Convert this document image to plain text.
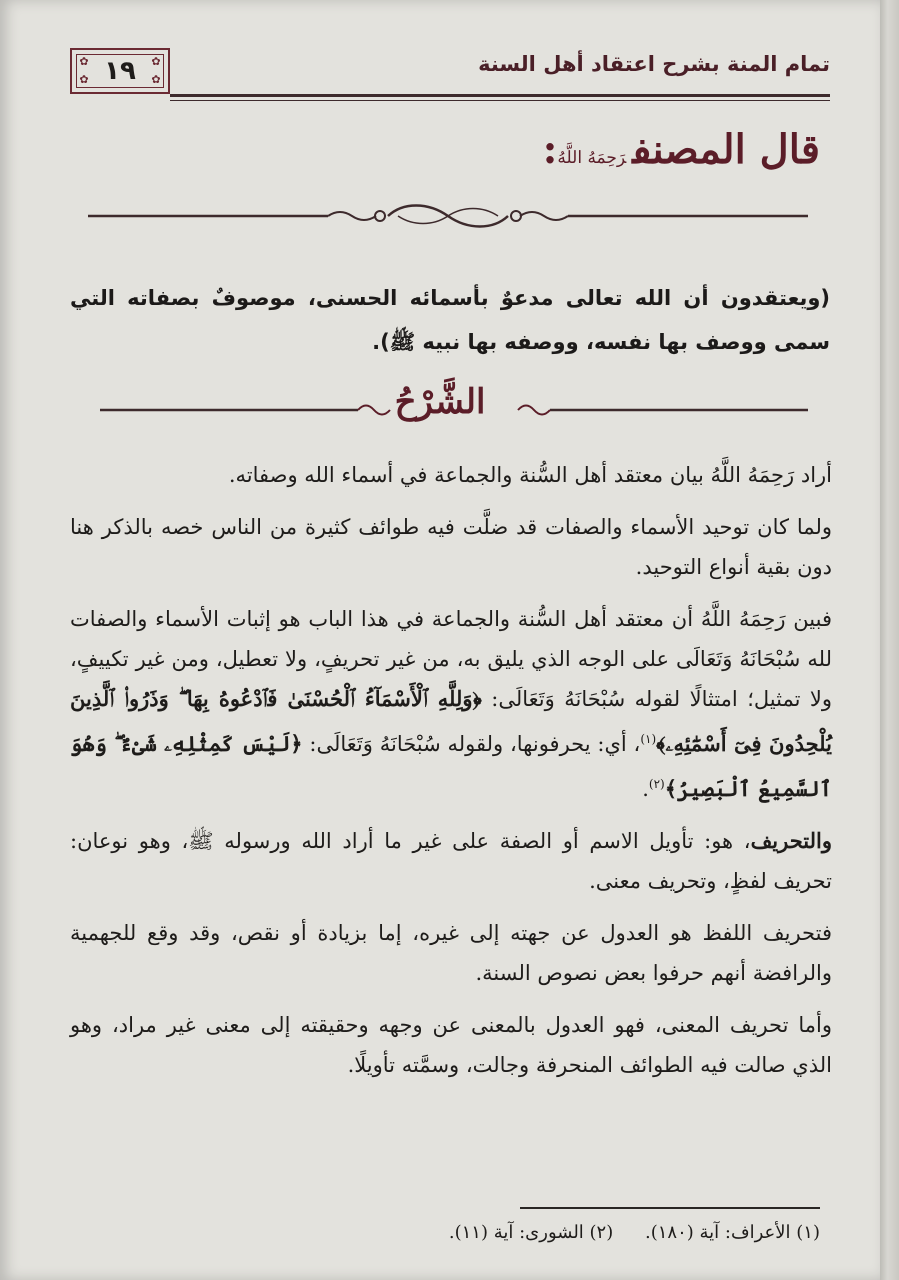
✿	✿
✿	✿
١٩	تمام المنة بشرح اعتقاد أهل السنة
قال المصنفرَحِمَهُ اللَّهُ:
(ويعتقدون أن الله تعالى مدعوٌ بأسمائه الحسنى، موصوفٌ بصفاته التي سمى ووصف بها نفسه، ووصفه بها نبيه ﷺ).
الشَّرْحُ

أراد رَحِمَهُ اللَّهُ بيان معتقد أهل السُّنة والجماعة في أسماء الله وصفاته.

ولما كان توحيد الأسماء والصفات قد ضلَّت فيه طوائف كثيرة من الناس خصه بالذكر هنا دون بقية أنواع التوحيد.

فبين رَحِمَهُ اللَّهُ أن معتقد أهل السُّنة والجماعة في هذا الباب هو إثبات الأسماء والصفات لله سُبْحَانَهُ وَتَعَالَى على الوجه الذي يليق به، من غير تحريفٍ، ولا تعطيل، ومن غير تكييفٍ، ولا تمثيل؛ امتثالًا لقوله سُبْحَانَهُ وَتَعَالَى: ﴿وَلِلَّهِ ٱلْأَسْمَآءُ ٱلْحُسْنَىٰ فَٱدْعُوهُ بِهَا ۖ وَذَرُوا۟ ٱلَّذِينَ يُلْحِدُونَ فِىٓ أَسْمَٰٓئِهِۦ﴾$^{(١)}$، أي: يحرفونها، ولقوله سُبْحَانَهُ وَتَعَالَى: ﴿لَيْسَ كَمِثْلِهِۦ شَىْءٌ ۖ وَهُوَ ٱلسَّمِيعُ ٱلْبَصِيرُ﴾$^{(٢)}$.

والتحريف، هو: تأويل الاسم أو الصفة على غير ما أراد الله ورسوله ﷺ، وهو نوعان: تحريف لفظٍ، وتحريف معنى.

فتحريف اللفظ هو العدول عن جهته إلى غيره، إما بزيادة أو نقص، وقد وقع للجهمية والرافضة أنهم حرفوا بعض نصوص السنة.

وأما تحريف المعنى، فهو العدول بالمعنى عن وجهه وحقيقته إلى معنى غير مراد، وهو الذي صالت فيه الطوائف المنحرفة وجالت، وسمَّته تأويلًا.

(١) الأعراف: آية (١٨٠). (٢) الشورى: آية (١١).
